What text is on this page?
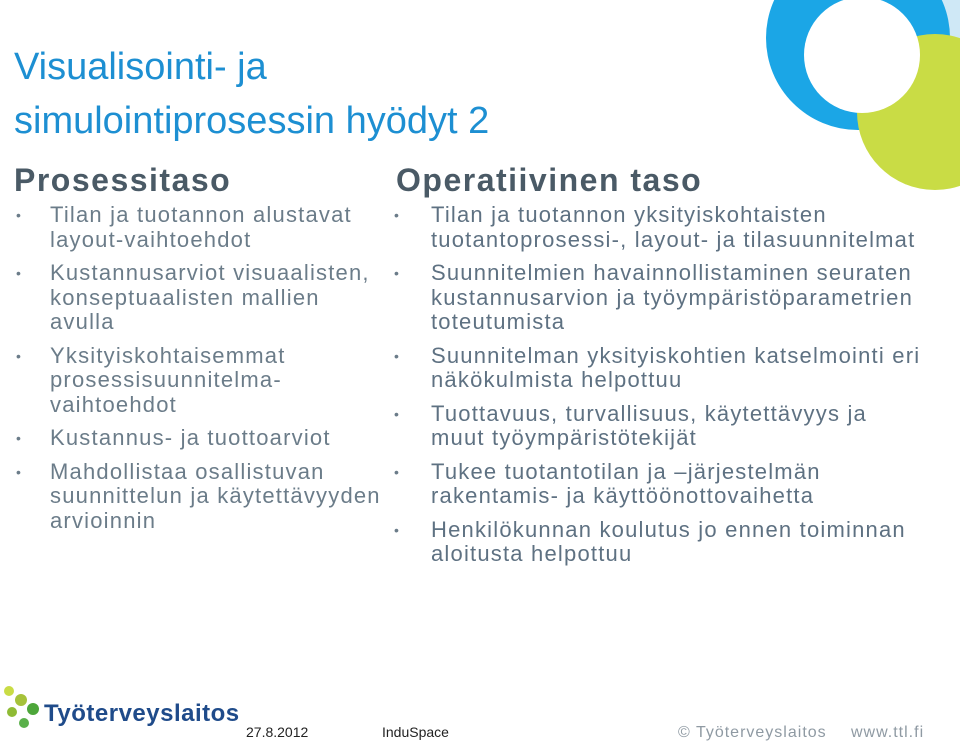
Visualisointi- ja
simulointiprosessin hyödyt 2
Prosessitaso	Operatiivinen taso
• Tilan ja tuotannon alustavat layout-vaihtoehdot
• Kustannusarviot visuaalisten, konseptuaalisten mallien avulla
• Yksityiskohtaisemmat prosessisuunnitelma-vaihtoehdot
• Kustannus- ja tuottoarviot
• Mahdollistaa osallistuvan suunnittelun ja käytettävyyden arvioinnin
• Tilan ja tuotannon yksityiskohtaisten tuotantoprosessi-, layout- ja tilasuunnitelmat
• Suunnitelmien havainnollistaminen seuraten kustannusarvion ja työympäristöparametrien toteutumista
• Suunnitelman yksityiskohtien katselmointi eri näkökulmista helpottuu
• Tuottavuus, turvallisuus, käytettävyys ja muut työympäristötekijät
• Tukee tuotantotilan ja –järjestelmän rakentamis- ja käyttöönottovaihetta
• Henkilökunnan koulutus jo ennen toiminnan aloitusta helpottuu
Työterveyslaitos
27.8.2012	InduSpace	© Työterveyslaitos www.ttl.fi
